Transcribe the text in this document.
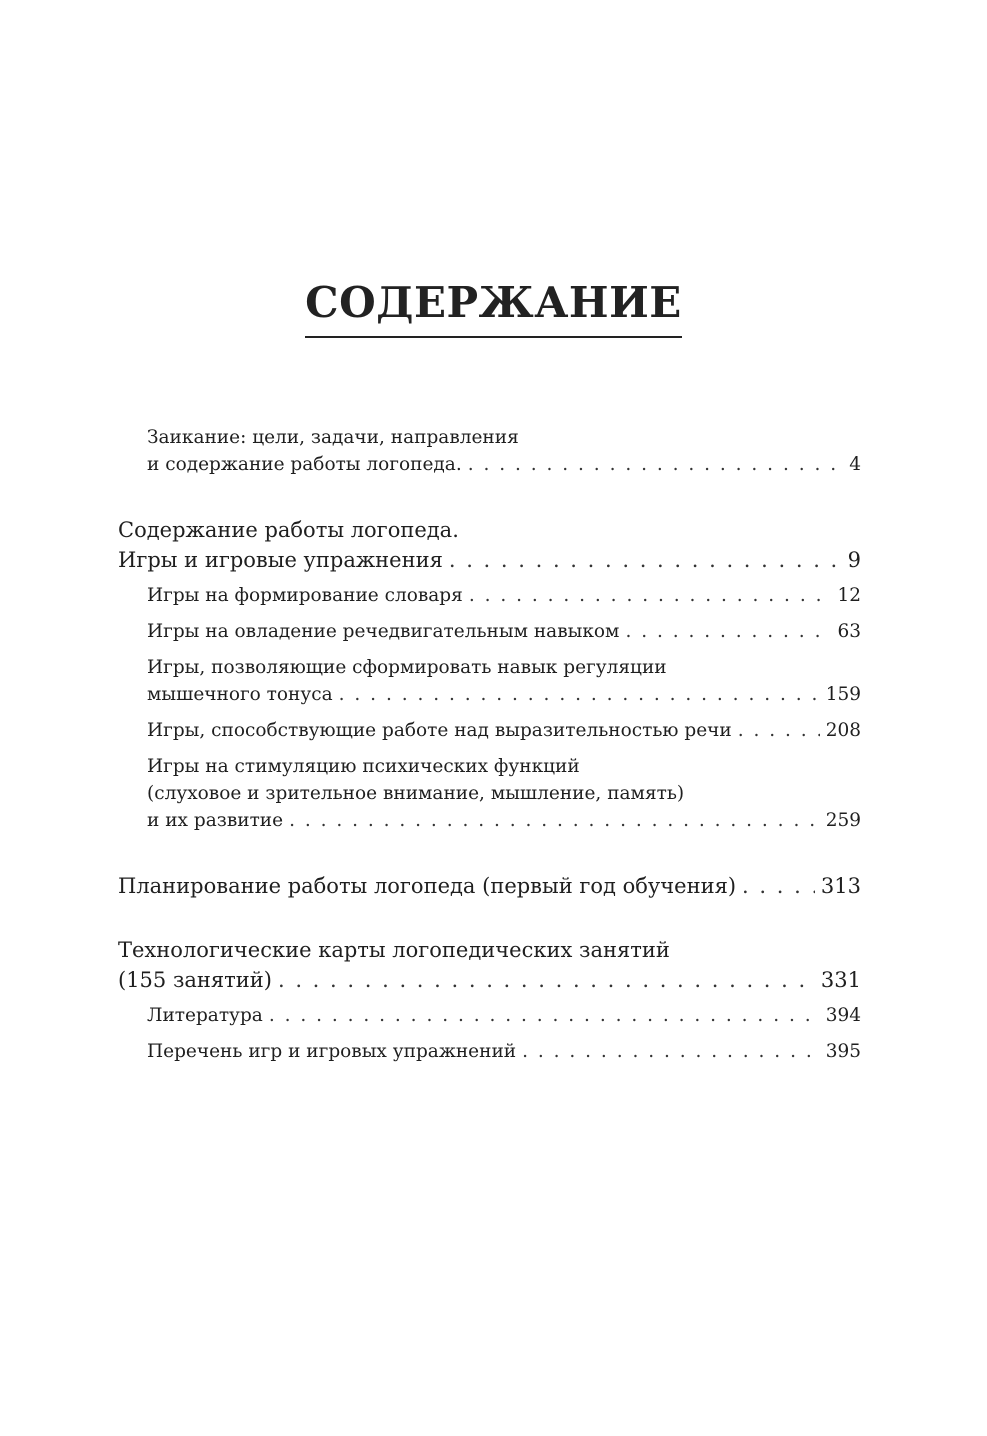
СОДЕРЖАНИЕ
Заикание: цели, задачи, направления
и содержание работы логопеда. . . .	4
Содержание работы логопеда.
Игры и игровые упражнения . . .	9
Игры на формирование словаря . . .	12
Игры на овладение речедвигательным навыком . . .	63
Игры, позволяющие сформировать навык регуляции
мышечного тонуса . . .	159
Игры, способствующие работе над выразительностью речи . . .	208
Игры на стимуляцию психических функций
(слуховое и зрительное внимание, мышление, память)
и их развитие . . .	259
Планирование работы логопеда (первый год обучения) . . .	313
Технологические карты логопедических занятий
(155 занятий) . . .	331
Литература . . .	394
Перечень игр и игровых упражнений . . .	395
